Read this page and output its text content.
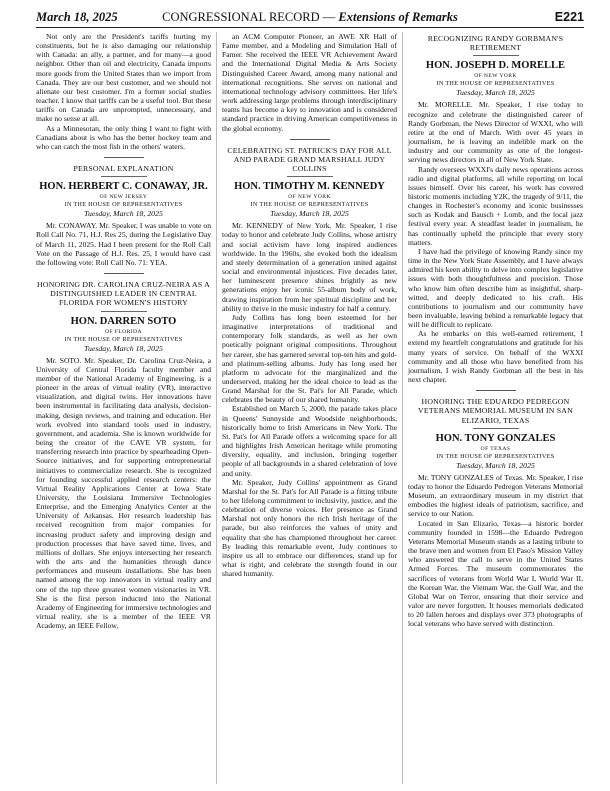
March 18, 2025	CONGRESSIONAL RECORD — Extensions of Remarks	E221

Not only are the President's tariffs hurting my constituents, but he is also damaging our relationship with Canada: an ally, a partner, and for many—a good neighbor. Other than oil and electricity, Canada imports more goods from the United States than we import from Canada. They are our best customer, and we should not alienate our best customer. I'm a former social studies teacher. I know that tariffs can be a useful tool. But these tariffs on Canada are unprompted, unnecessary, and make no sense at all.

As a Minnesotan, the only thing I want to fight with Canadians about is who has the better hockey team and who can catch the most fish in the others' waters.

PERSONAL EXPLANATION
HON. HERBERT C. CONAWAY, JR.
OF NEW JERSEY
IN THE HOUSE OF REPRESENTATIVES
Tuesday, March 18, 2025

Mr. CONAWAY. Mr. Speaker, I was unable to vote on Roll Call No. 71, H.J. Res 25, during the Legislative Day of March 11, 2025. Had I been present for the Roll Call Vote on the Passage of H.J. Res. 25, I would have cast the following vote: Roll Call No. 71: YEA.

HONORING DR. CAROLINA CRUZ-NEIRA AS A DISTINGUISHED LEADER IN CENTRAL FLORIDA FOR WOMEN'S HISTORY
HON. DARREN SOTO
OF FLORIDA
IN THE HOUSE OF REPRESENTATIVES
Tuesday, March 18, 2025

Mr. SOTO. Mr. Speaker, Dr. Carolina Cruz-Neira, a University of Central Florida faculty member and member of the National Academy of Engineering, is a pioneer in the areas of virtual reality (VR), interactive visualization, and digital twins. Her innovations have been instrumental in facilitating data analysis, decision-making, design reviews, and training and education. Her work evolved into standard tools used in industry, government, and academia. She is known worldwide for being the creator of the CAVE VR system, for transferring research into practice by spearheading Open-Source initiatives, and for supporting entrepreneurial initiatives to commercialize research. She is recognized for founding successful applied research centers: the Virtual Reality Applications Center at Iowa State University, the Louisiana Immersive Technologies Enterprise, and the Emerging Analytics Center at the University of Arkansas. Her research leadership has received recognition from major companies for increasing product safety and improving design and production processes that have saved time, lives, and millions of dollars. She enjoys intersecting her research with the arts and the humanities through dance performances and museum installations. She has been named among the top innovators in virtual reality and one of the top three greatest women visionaries in VR. She is the first person inducted into the National Academy of Engineering for immersive technologies and virtual reality, she is a member of the IEEE VR Academy, an IEEE Fellow,

an ACM Computer Pioneer, an AWE XR Hall of Fame member, and a Modeling and Simulation Hall of Famer. She received the IEEE VR Achievement Award and the International Digital Media & Arts Society Distinguished Career Award, among many national and international recognitions. She serves on national and international technology advisory committees. Her life's work addressing large problems through interdisciplinary teams has become a key to innovation and is considered standard practice in driving American competitiveness in the global economy.

CELEBRATING ST. PATRICK'S DAY FOR ALL AND PARADE GRAND MARSHALL JUDY COLLINS
HON. TIMOTHY M. KENNEDY
OF NEW YORK
IN THE HOUSE OF REPRESENTATIVES
Tuesday, March 18, 2025

Mr. KENNEDY of New York. Mr. Speaker, I rise today to honor and celebrate Judy Collins, whose artistry and social activism have long inspired audiences worldwide. In the 1960s, she evoked both the idealism and steely determination of a generation united against social and environmental injustices. Five decades later, her luminescent presence shines brightly as new generations enjoy her iconic 55-album body of work, drawing inspiration from her spiritual discipline and her ability to thrive in the music industry for half a century.

Judy Collins has long been esteemed for her imaginative interpretations of traditional and contemporary folk standards, as well as her own poetically poignant original compositions. Throughout her career, she has garnered several top-ten hits and gold- and platinum-selling albums. Judy has long used her platform to advocate for the marginalized and the underserved, making her the ideal choice to lead as the Grand Marshal for the St. Pat's for All Parade, which celebrates the beauty of our shared humanity.

Established on March 5, 2000, the parade takes place in Queens' Sunnyside and Woodside neighborhoods, historically home to Irish Americans in New York. The St. Pat's for All Parade offers a welcoming space for all and highlights Irish American heritage while promoting diversity, equality, and inclusion, bringing together people of all backgrounds in a shared celebration of love and unity.

Mr. Speaker, Judy Collins' appointment as Grand Marshal for the St. Pat's for All Parade is a fitting tribute to her lifelong commitment to inclusivity, justice, and the celebration of diverse voices. Her presence as Grand Marshal not only honors the rich Irish heritage of the parade, but also reinforces the values of unity and equality that she has championed throughout her career. By leading this remarkable event, Judy continues to inspire us all to embrace our differences, stand up for what is right, and celebrate the strength found in our shared humanity.

RECOGNIZING RANDY GORBMAN'S RETIREMENT
HON. JOSEPH D. MORELLE
OF NEW YORK
IN THE HOUSE OF REPRESENTATIVES
Tuesday, March 18, 2025

Mr. MORELLE. Mr. Speaker, I rise today to recognize and celebrate the distinguished career of Randy Gorbman, the News Director of WXXI, who will retire at the end of March. With over 45 years in journalism, he is leaving an indelible mark on the industry and our community as one of the longest-serving news directors in all of New York State.

Randy oversees WXXI's daily news operations across radio and digital platforms, all while reporting on local issues himself. Over his career, his work has covered historic moments including Y2K, the tragedy of 9/11, the changes in Rochester's economy and iconic businesses such as Kodak and Bausch + Lomb, and the local jazz festival every year. A steadfast leader in journalism, he has continually upheld the principle that every story matters.

I have had the privilege of knowing Randy since my time in the New York State Assembly, and I have always admired his keen ability to delve into complex legislative issues with both thoughtfulness and precision. Those who know him often describe him as insightful, sharp-witted, and deeply dedicated to his craft. His contributions to journalism and our community have been invaluable, leaving behind a remarkable legacy that will be difficult to replicate.

As he embarks on this well-earned retirement, I extend my heartfelt congratulations and gratitude for his many years of service. On behalf of the WXXI community and all those who have benefited from his journalism, I wish Randy Gorbman all the best in his next chapter.

HONORING THE EDUARDO PEDREGON VETERANS MEMORIAL MUSEUM IN SAN ELIZARIO, TEXAS
HON. TONY GONZALES
OF TEXAS
IN THE HOUSE OF REPRESENTATIVES
Tuesday, March 18, 2025

Mr. TONY GONZALES of Texas. Mr. Speaker, I rise today to honor the Eduardo Pedregon Veterans Memorial Museum, an extraordinary museum in my district that embodies the highest ideals of patriotism, sacrifice, and service to our Nation.

Located in San Elizario, Texas—a historic border community founded in 1598—the Eduardo Pedregon Veterans Memorial Museum stands as a lasting tribute to the brave men and women from El Paso's Mission Valley who answered the call to serve in the United States Armed Forces. The museum commemorates the sacrifices of veterans from World War I, World War II, the Korean War, the Vietnam War, the Gulf War, and the Global War on Terror, ensuring that their service and valor are never forgotten. It houses memorials dedicated to 20 fallen heroes and displays over 373 photographs of local veterans who have served with distinction.
